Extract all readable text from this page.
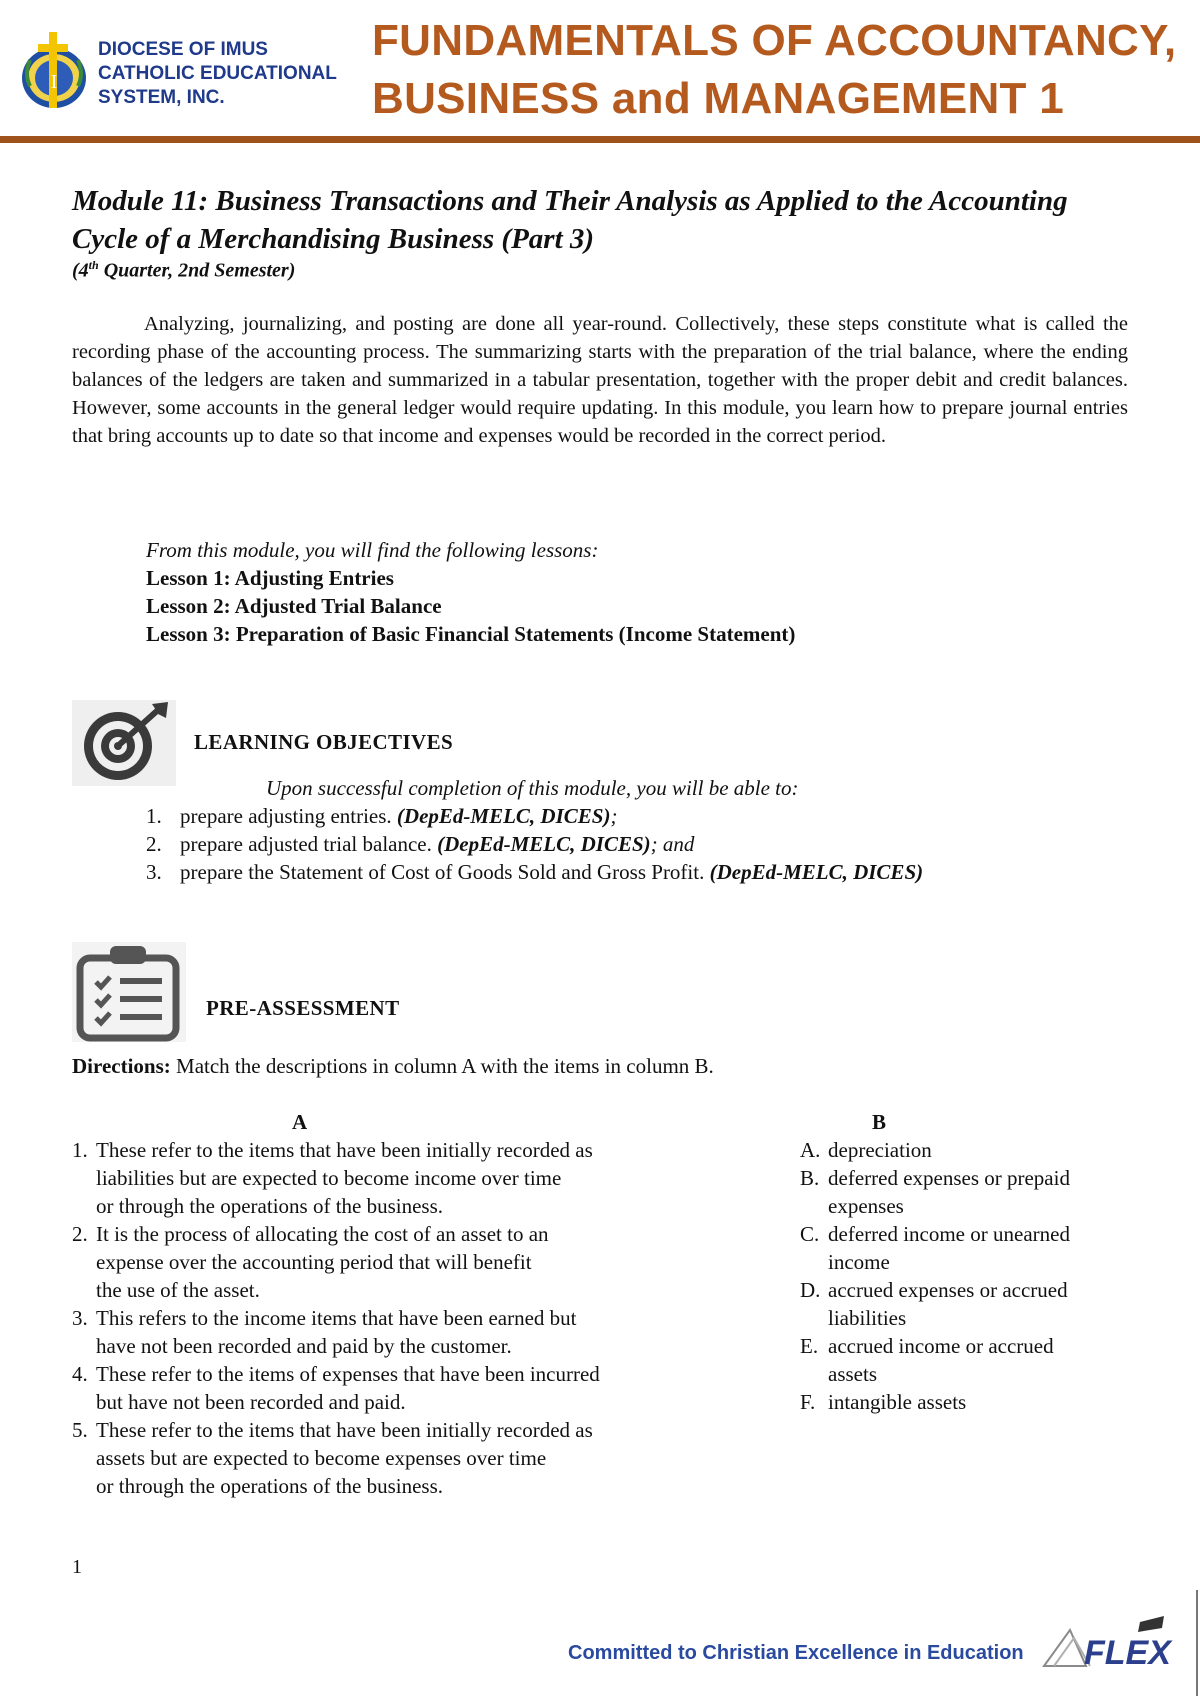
I
DIOCESE OF IMUS
CATHOLIC EDUCATIONAL
SYSTEM, INC.
FUNDAMENTALS OF ACCOUNTANCY,
BUSINESS and MANAGEMENT 1
Module 11: Business Transactions and Their Analysis as Applied to the Accounting Cycle of a Merchandising Business (Part 3)
(4th Quarter, 2nd Semester)
Analyzing, journalizing, and posting are done all year-round. Collectively, these steps constitute what is called the recording phase of the accounting process. The summarizing starts with the preparation of the trial balance, where the ending balances of the ledgers are taken and summarized in a tabular presentation, together with the proper debit and credit balances. However, some accounts in the general ledger would require updating. In this module, you learn how to prepare journal entries that bring accounts up to date so that income and expenses would be recorded in the correct period.
From this module, you will find the following lessons:
Lesson 1: Adjusting Entries
Lesson 2: Adjusted Trial Balance
Lesson 3: Preparation of Basic Financial Statements (Income Statement)
LEARNING OBJECTIVES
Upon successful completion of this module, you will be able to:
1. prepare adjusting entries. (DepEd-MELC, DICES);
2. prepare adjusted trial balance. (DepEd-MELC, DICES); and
3. prepare the Statement of Cost of Goods Sold and Gross Profit. (DepEd-MELC, DICES)
PRE-ASSESSMENT
Directions: Match the descriptions in column A with the items in column B.
A	B
1. These refer to the items that have been initially recorded as
liabilities but are expected to become income over time
or through the operations of the business.
2. It is the process of allocating the cost of an asset to an
expense over the accounting period that will benefit
the use of the asset.
3. This refers to the income items that have been earned but
have not been recorded and paid by the customer.
4. These refer to the items of expenses that have been incurred
but have not been recorded and paid.
5. These refer to the items that have been initially recorded as
assets but are expected to become expenses over time
or through the operations of the business.
A. depreciation
B. deferred expenses or prepaid
expenses
C. deferred income or unearned
income
D. accrued expenses or accrued
liabilities
E. accrued income or accrued
assets
F. intangible assets
1
Committed to Christian Excellence in Education FLEX
